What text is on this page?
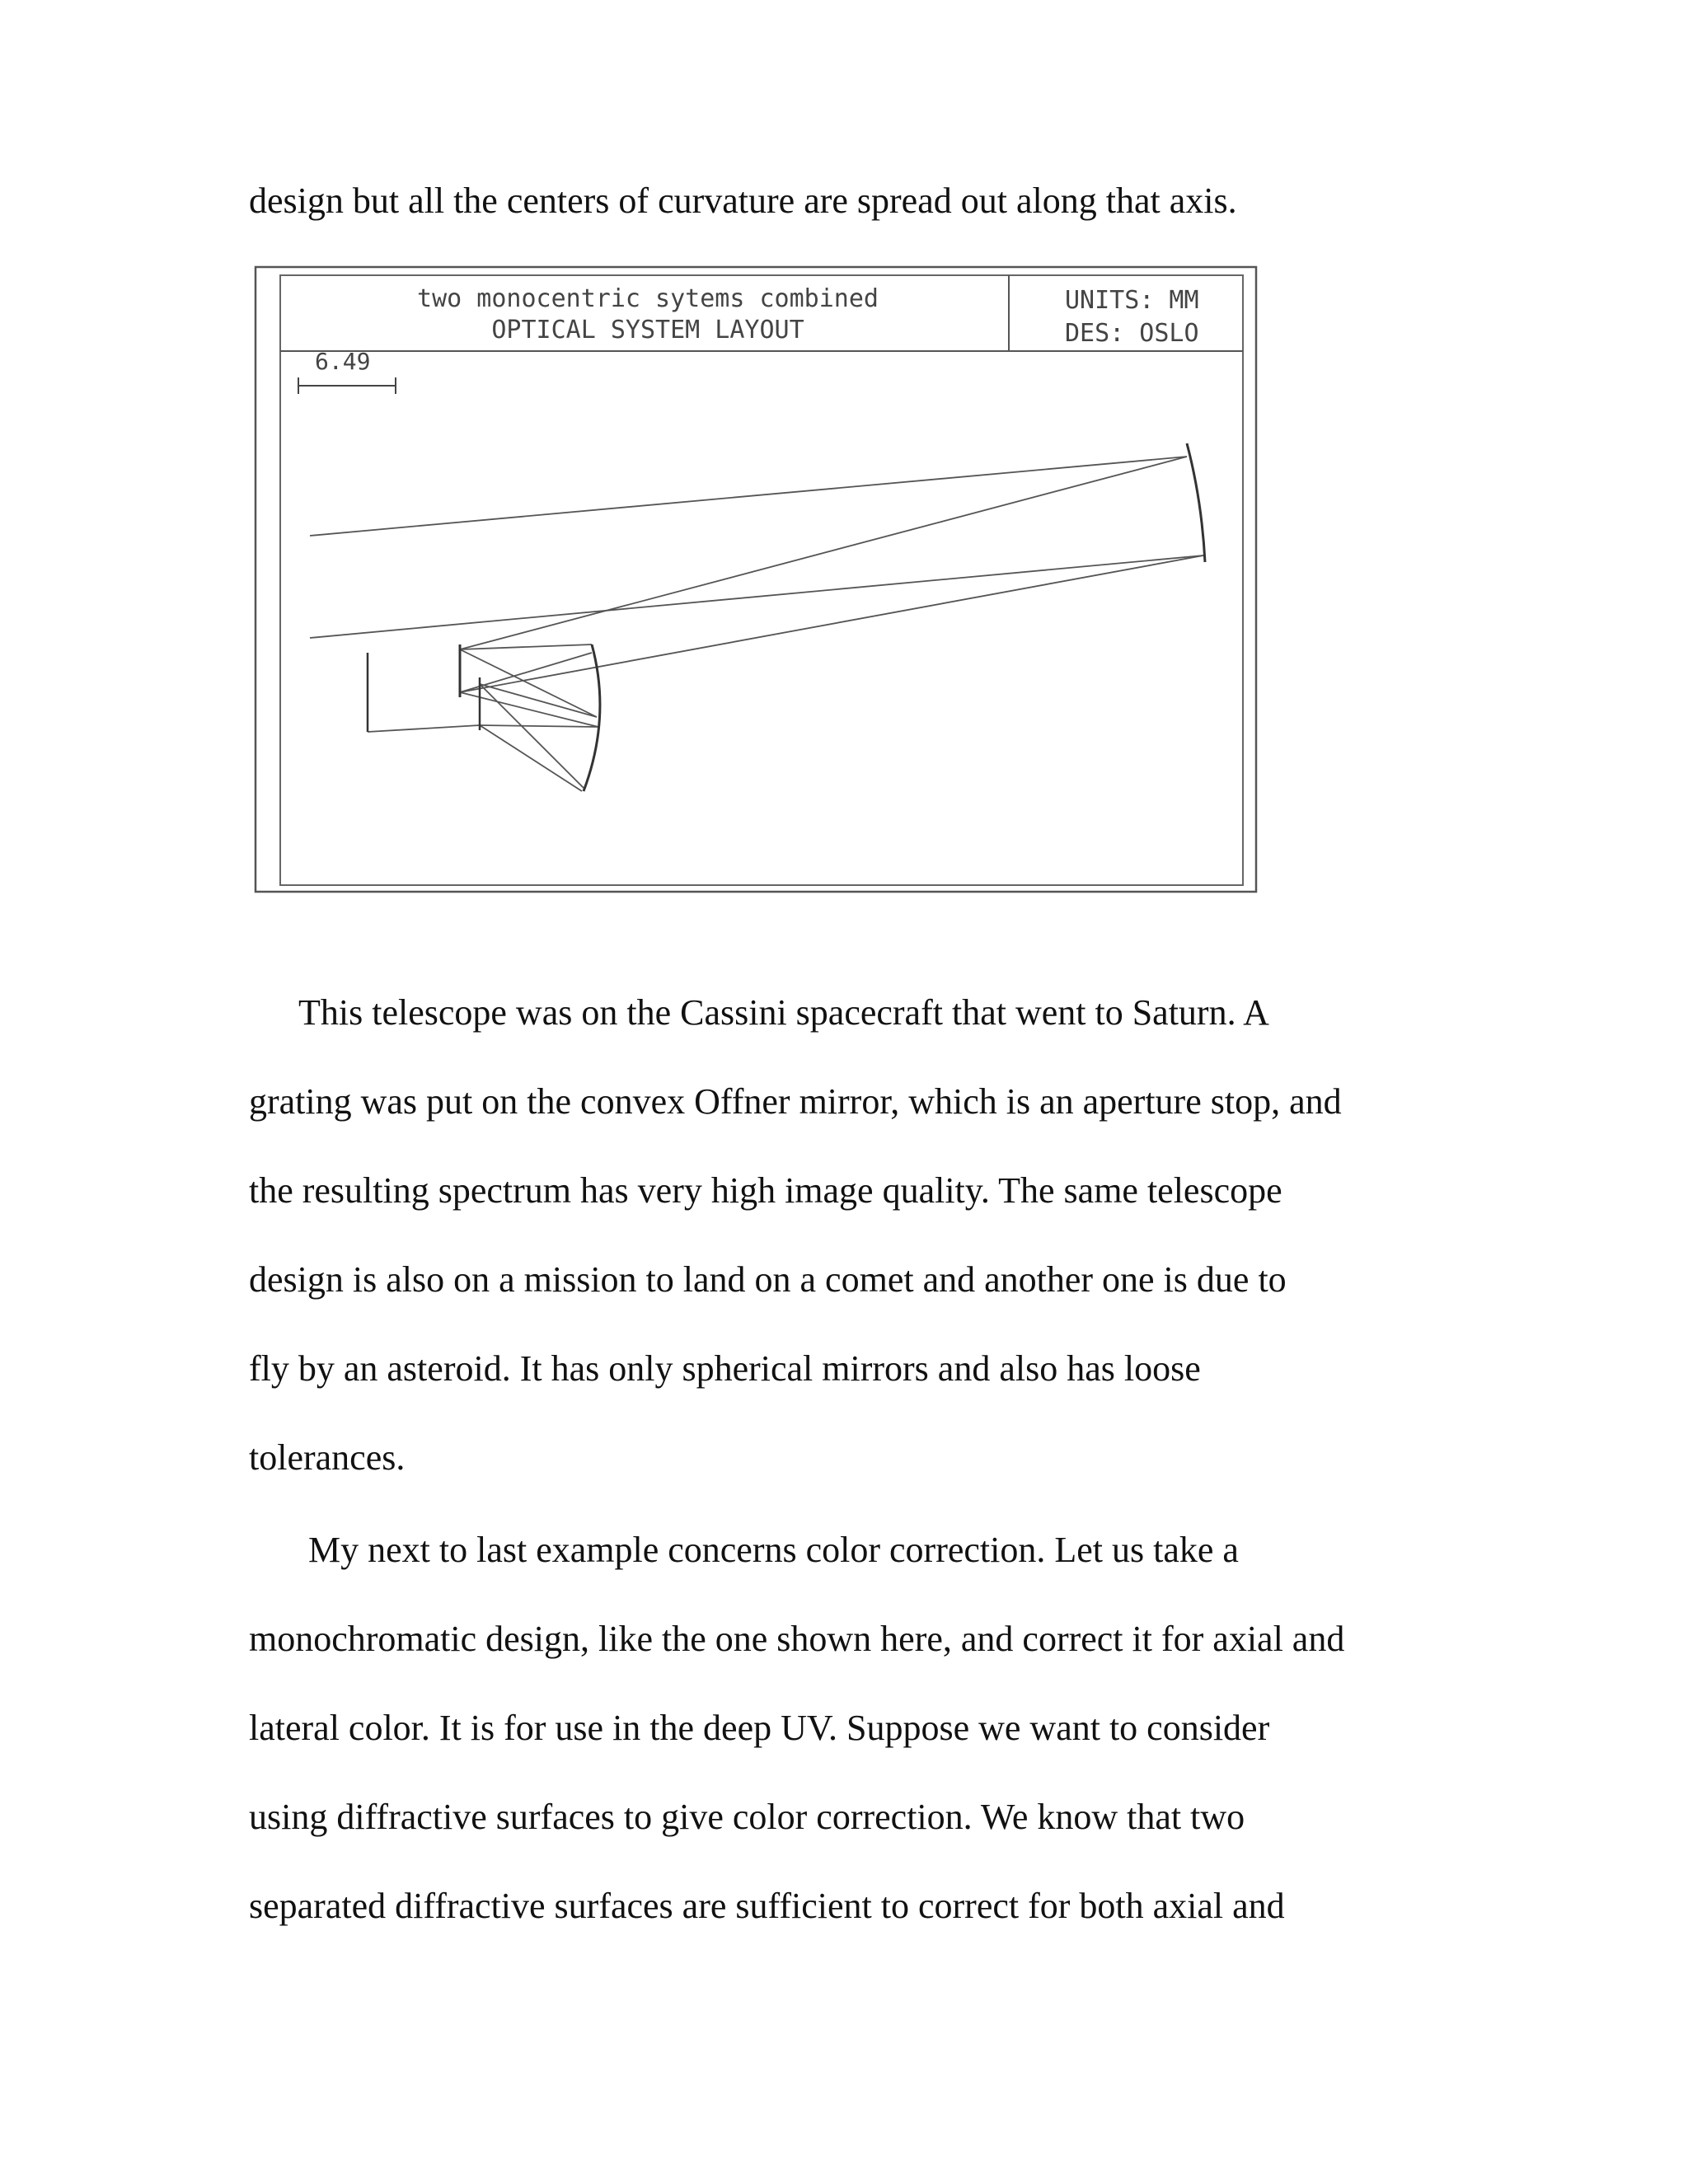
design but all the centers of curvature are spread out along that axis.

two monocentric sytems combined
OPTICAL SYSTEM LAYOUT
UNITS: MM
DES: OSLO
6.49

This telescope was on the Cassini spacecraft that went to Saturn. A
grating was put on the convex Offner mirror, which is an aperture stop, and
the resulting spectrum has very high image quality. The same telescope
design is also on a mission to land on a comet and another one is due to
fly by an asteroid. It has only spherical mirrors and also has loose
tolerances.

My next to last example concerns color correction. Let us take a
monochromatic design, like the one shown here, and correct it for axial and
lateral color. It is for use in the deep UV. Suppose we want to consider
using diffractive surfaces to give color correction. We know that two
separated diffractive surfaces are sufficient to correct for both axial and
